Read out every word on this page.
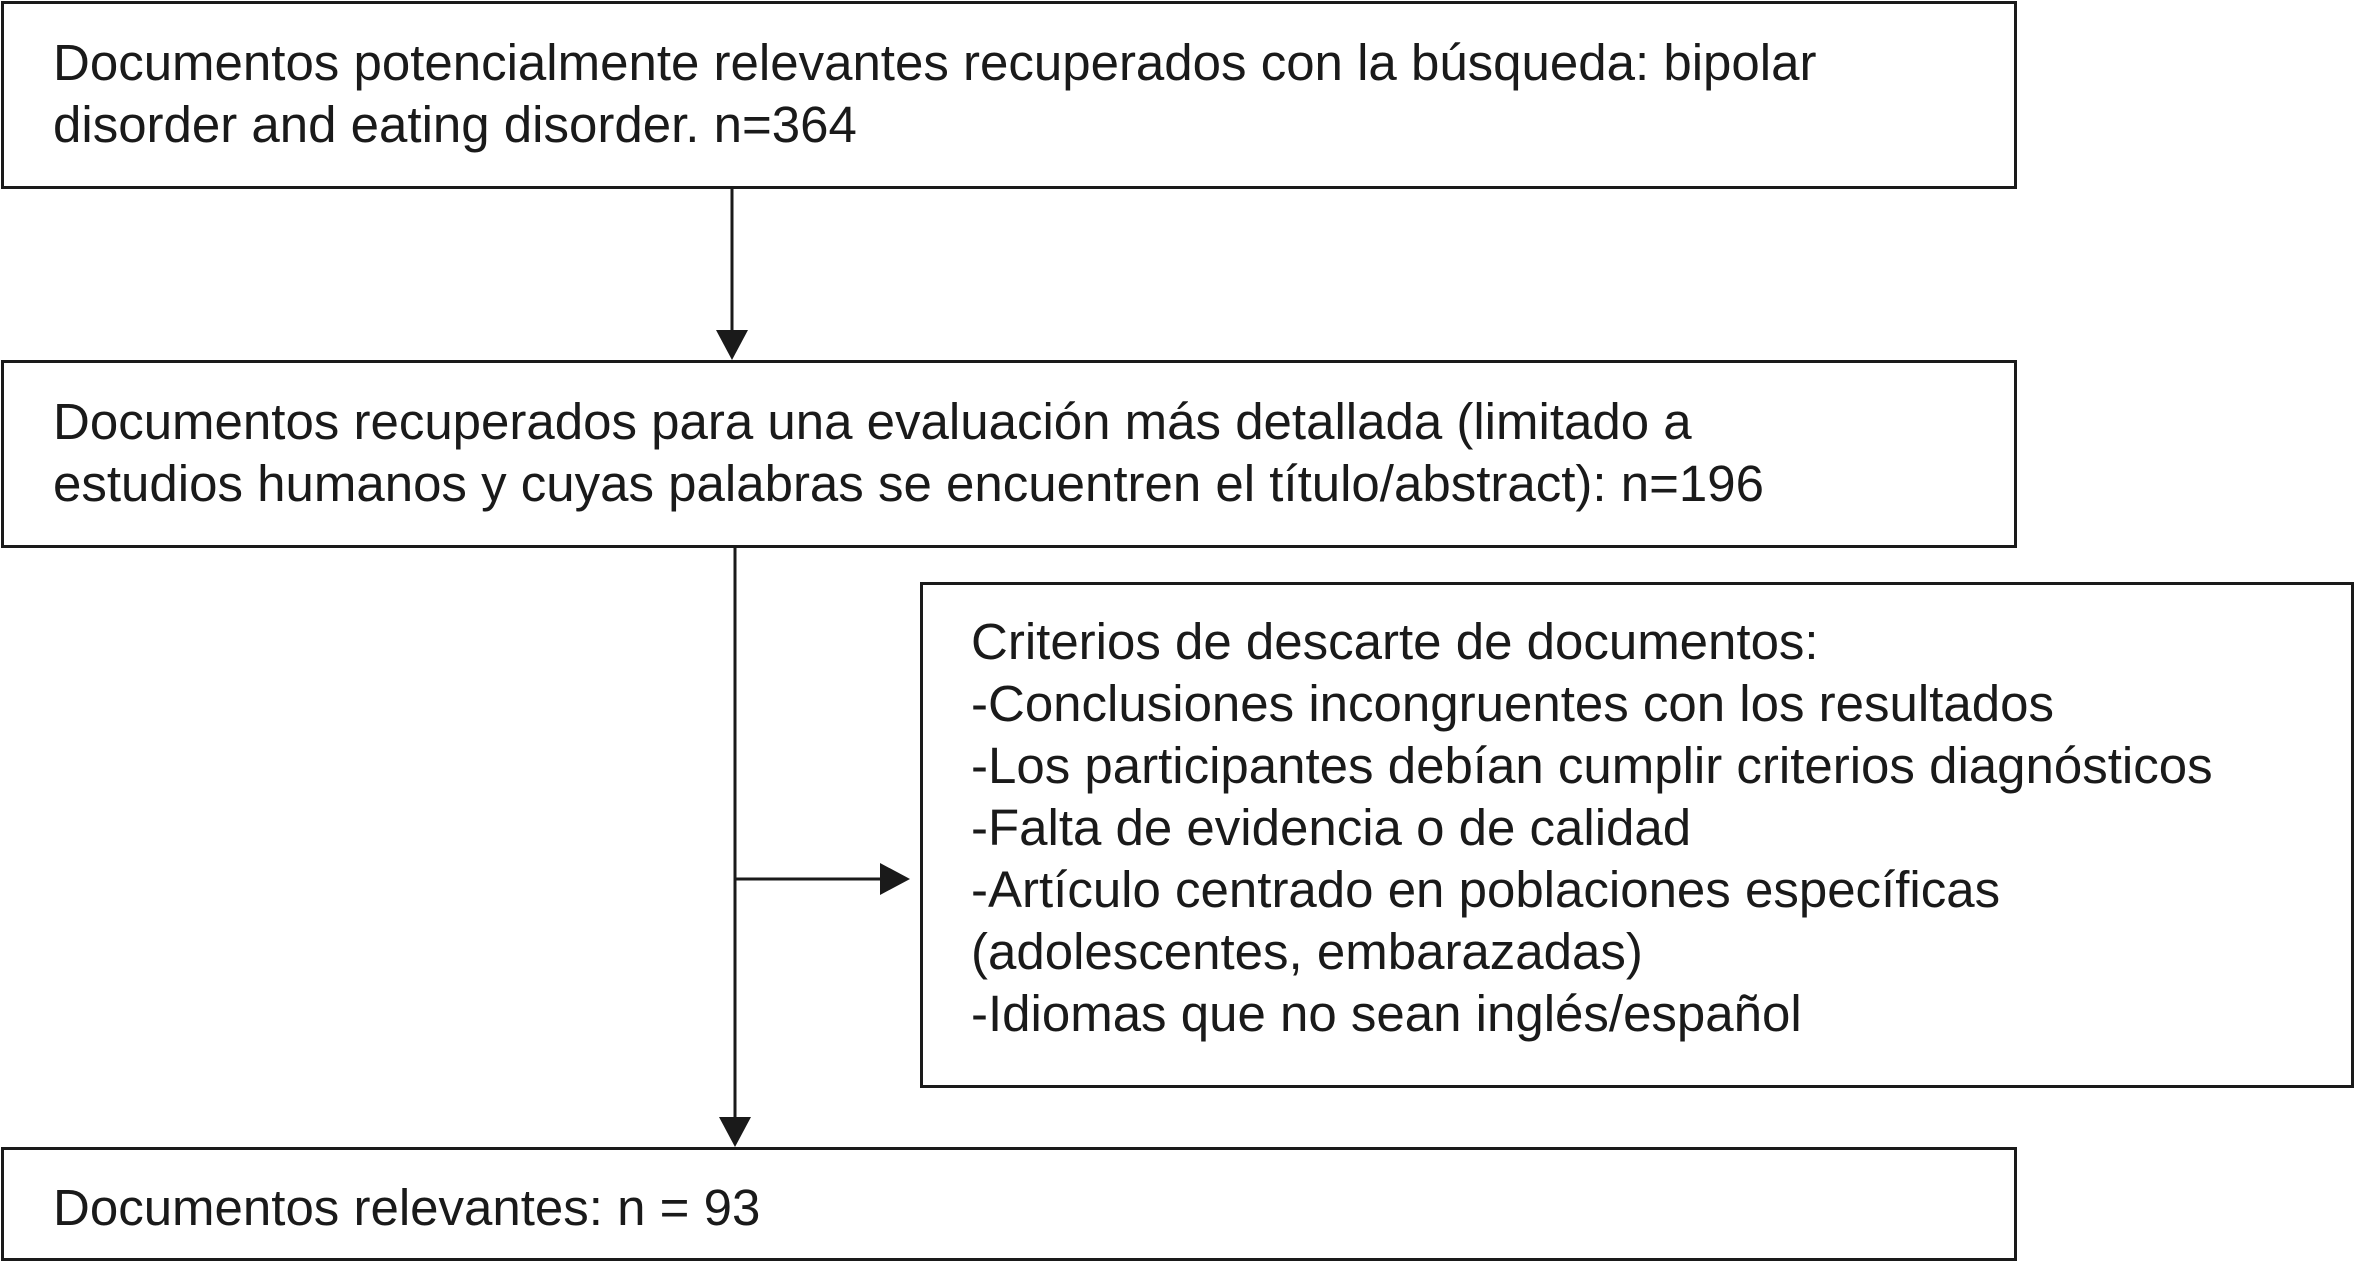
Documentos potencialmente relevantes recuperados con la búsqueda: bipolar
disorder and eating disorder. n=364
Documentos recuperados para una evaluación más detallada (limitado a
estudios humanos y cuyas palabras se encuentren el título/abstract): n=196
Criterios de descarte de documentos:
-Conclusiones incongruentes con los resultados
-Los participantes debían cumplir criterios diagnósticos
-Falta de evidencia o de calidad
-Artículo centrado en poblaciones específicas
(adolescentes, embarazadas)
-Idiomas que no sean inglés/español
Documentos relevantes: n = 93
